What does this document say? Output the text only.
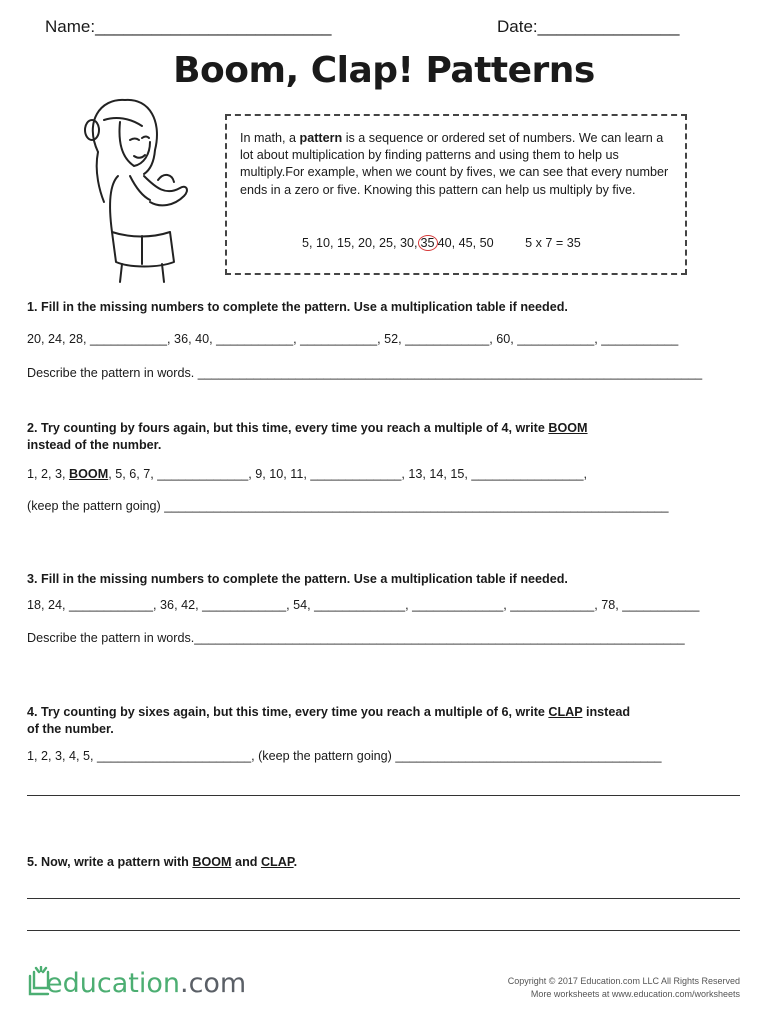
Name:_________________________	Date:_______________
Boom, Clap! Patterns
In math, a pattern is a sequence or ordered set of numbers. We can learn a lot about multiplication by finding patterns and using them to help us multiply.For example, when we count by fives, we can see that every number ends in a zero or five. Knowing this pattern can help us multiply by five.
5, 10, 15, 20, 25, 30, 35 40, 45, 50	5 x 7 = 35
1. Fill in the missing numbers to complete the pattern. Use a multiplication table if needed.
20, 24, 28, ___________, 36, 40, ___________, ___________, 52, ____________, 60, ___________, ___________
Describe the pattern in words. ________________________________________________________________________
2. Try counting by fours again, but this time, every time you reach a multiple of 4, write BOOM
instead of the number.
1, 2, 3, BOOM, 5, 6, 7, _____________, 9, 10, 11, _____________, 13, 14, 15, ________________,
(keep the pattern going) ________________________________________________________________________
3. Fill in the missing numbers to complete the pattern. Use a multiplication table if needed.
18, 24, ____________, 36, 42, ____________, 54, _____________, _____________, ____________, 78, ___________
Describe the pattern in words.______________________________________________________________________
4. Try counting by sixes again, but this time, every time you reach a multiple of 6, write CLAP instead
of the number.
1, 2, 3, 4, 5, ______________________, (keep the pattern going) ______________________________________
5. Now, write a pattern with BOOM and CLAP.
education.com	Copyright © 2017 Education.com LLC All Rights Reserved
More worksheets at www.education.com/worksheets
